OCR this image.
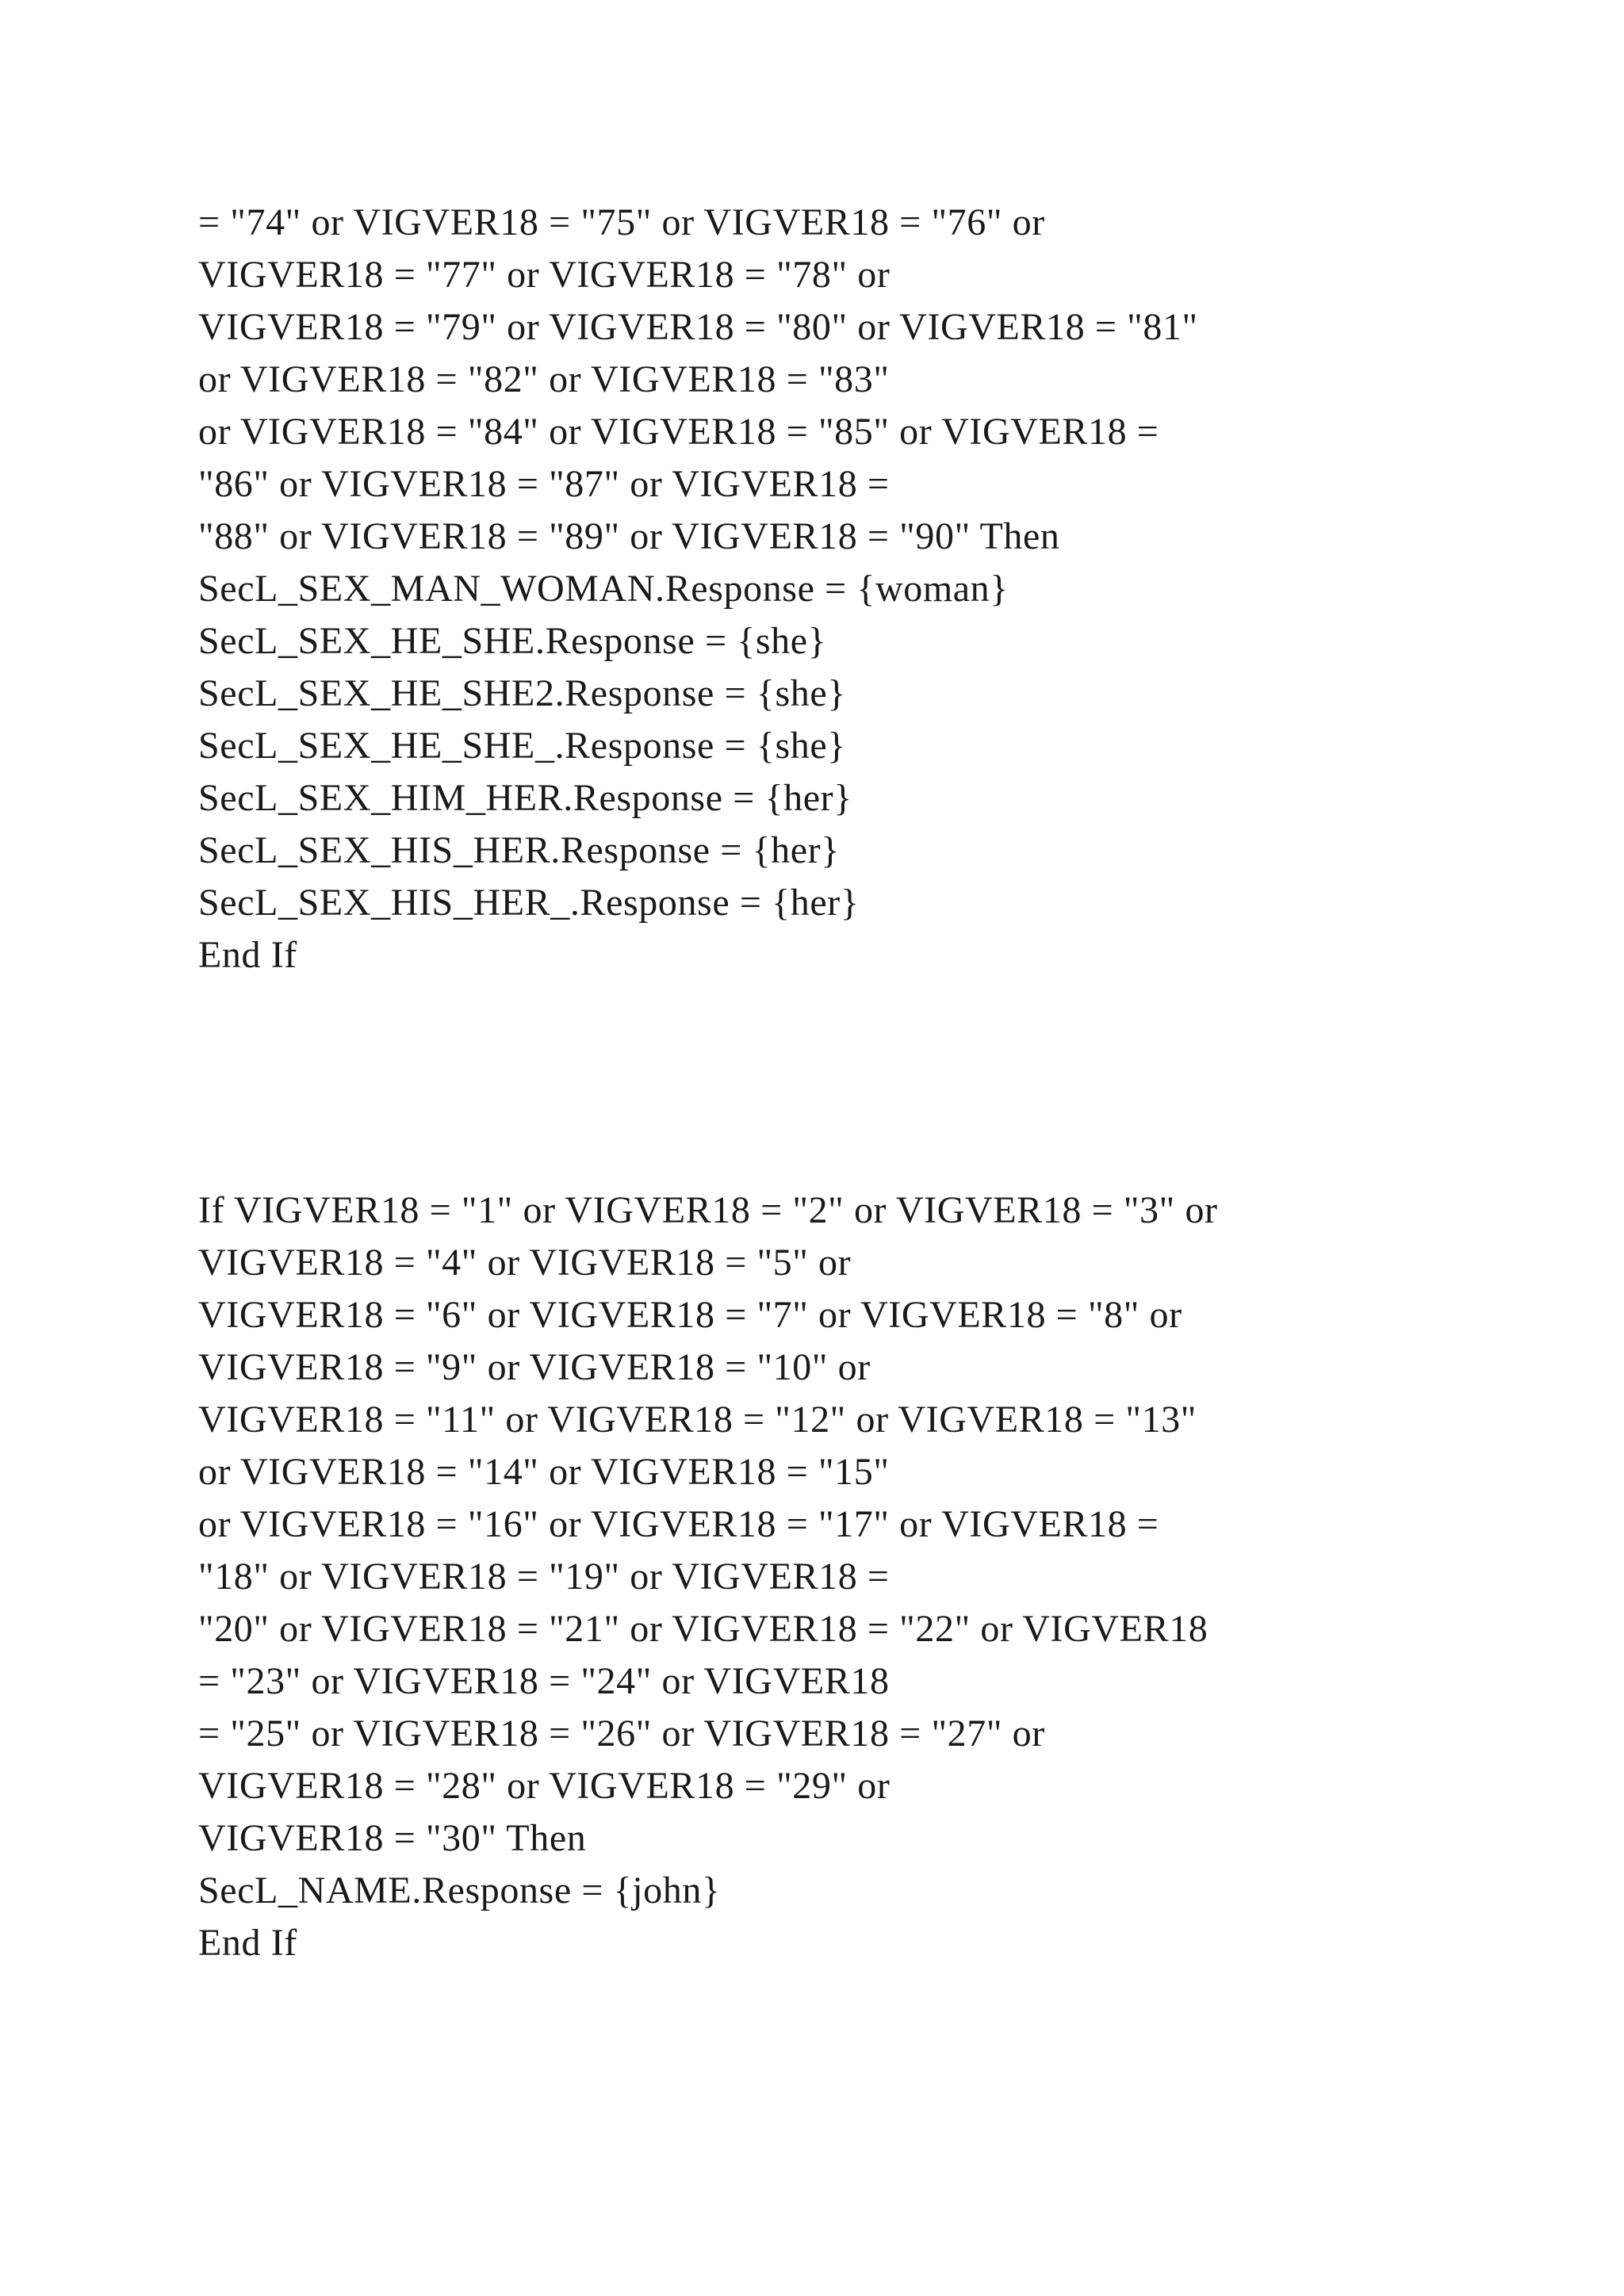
= "74" or VIGVER18 = "75" or VIGVER18 = "76" or
VIGVER18 = "77" or VIGVER18 = "78" or
VIGVER18 = "79" or VIGVER18 = "80" or VIGVER18 = "81"
or VIGVER18 = "82" or VIGVER18 = "83"
or VIGVER18 = "84" or VIGVER18 = "85" or VIGVER18 =
"86" or VIGVER18 = "87" or VIGVER18 =
"88" or VIGVER18 = "89" or VIGVER18 = "90" Then
SecL_SEX_MAN_WOMAN.Response = {woman}
SecL_SEX_HE_SHE.Response = {she}
SecL_SEX_HE_SHE2.Response = {she}
SecL_SEX_HE_SHE_.Response = {she}
SecL_SEX_HIM_HER.Response = {her}
SecL_SEX_HIS_HER.Response = {her}
SecL_SEX_HIS_HER_.Response = {her}
End If
If VIGVER18 = "1" or VIGVER18 = "2" or VIGVER18 = "3" or
VIGVER18 = "4" or VIGVER18 = "5" or
VIGVER18 = "6" or VIGVER18 = "7" or VIGVER18 = "8" or
VIGVER18 = "9" or VIGVER18 = "10" or
VIGVER18 = "11" or VIGVER18 = "12" or VIGVER18 = "13"
or VIGVER18 = "14" or VIGVER18 = "15"
or VIGVER18 = "16" or VIGVER18 = "17" or VIGVER18 =
"18" or VIGVER18 = "19" or VIGVER18 =
"20" or VIGVER18 = "21" or VIGVER18 = "22" or VIGVER18
= "23" or VIGVER18 = "24" or VIGVER18
= "25" or VIGVER18 = "26" or VIGVER18 = "27" or
VIGVER18 = "28" or VIGVER18 = "29" or
VIGVER18 = "30" Then
SecL_NAME.Response = {john}
End If
